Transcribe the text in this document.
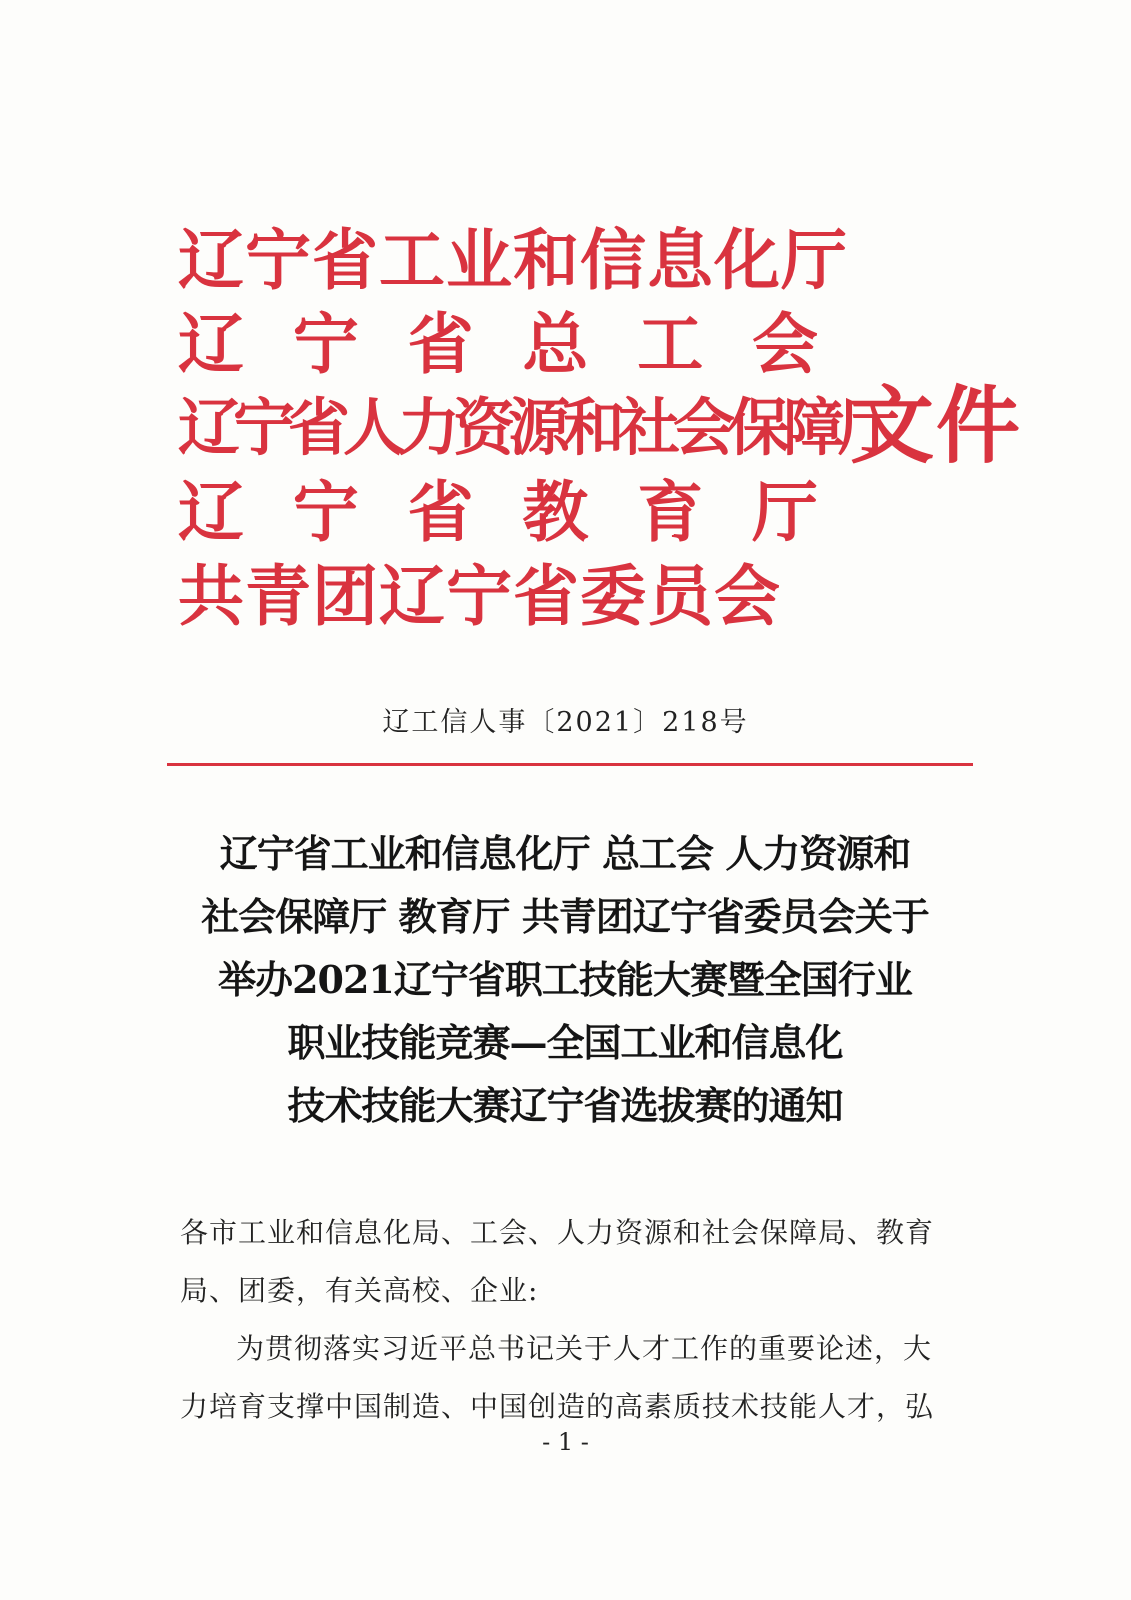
辽宁省工业和信息化厅
辽 宁 省 总 工 会
辽宁省人力资源和社会保障厅
辽 宁 省 教 育 厅
共青团辽宁省委员会
文件
辽工信人事〔2021〕218号
辽宁省工业和信息化厅 总工会 人力资源和
社会保障厅 教育厅 共青团辽宁省委员会关于
举办2021辽宁省职工技能大赛暨全国行业
职业技能竞赛—全国工业和信息化
技术技能大赛辽宁省选拔赛的通知
各市工业和信息化局、工会、人力资源和社会保障局、教育
局、团委，有关高校、企业:
为贯彻落实习近平总书记关于人才工作的重要论述，大
力培育支撑中国制造、中国创造的高素质技术技能人才，弘
- 1 -
